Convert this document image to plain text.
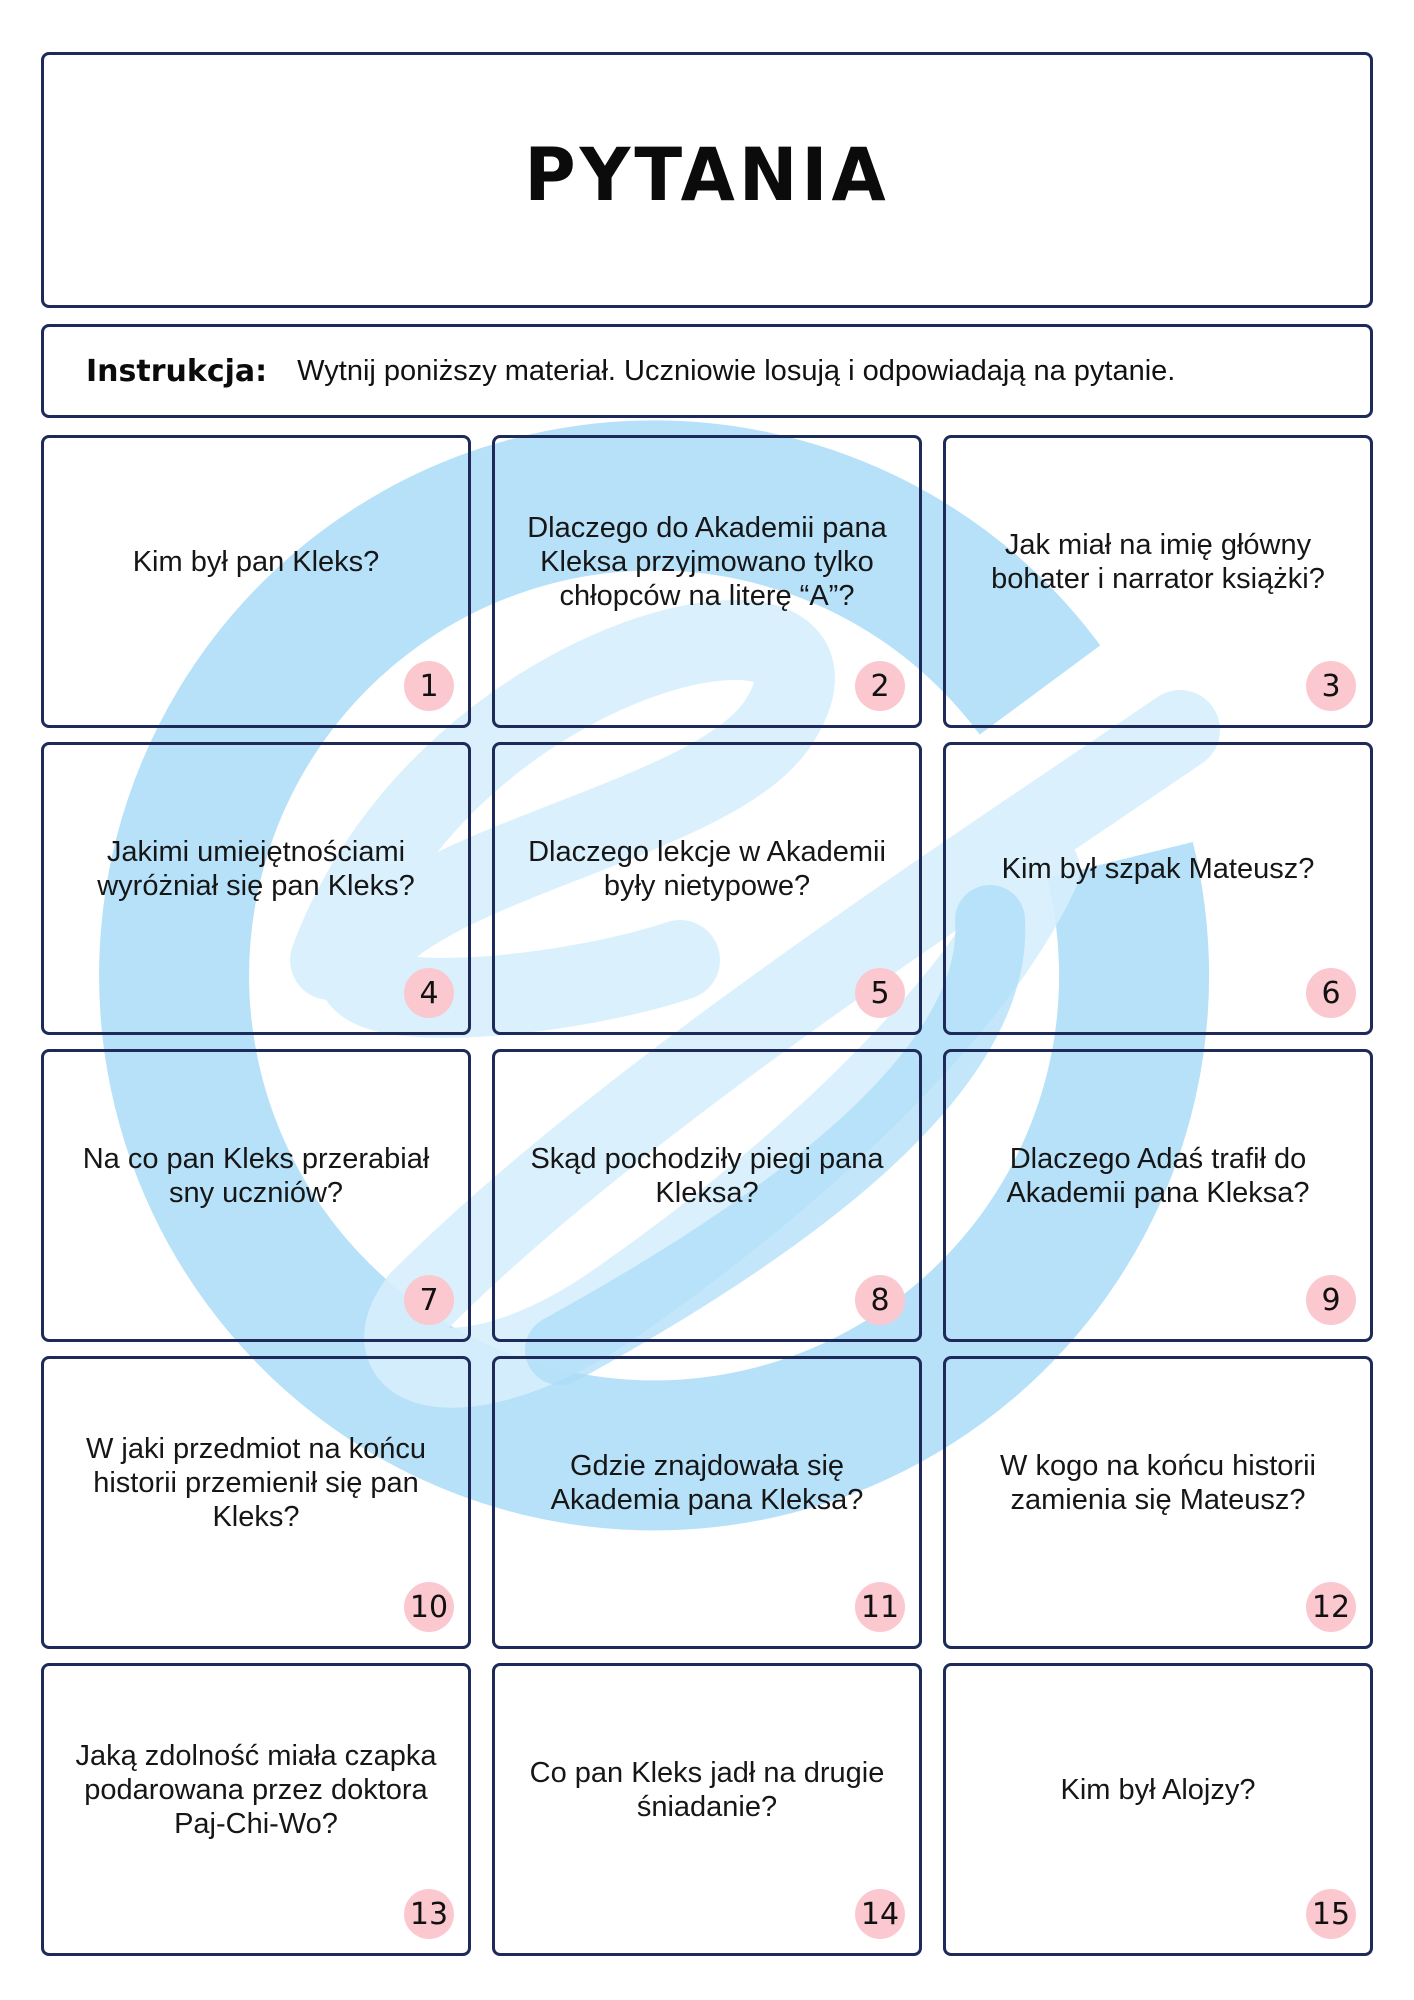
PYTANIA
Instrukcja: Wytnij poniższy materiał. Uczniowie losują i odpowiadają na pytanie.
Kim był pan Kleks?
1
Dlaczego do Akademii pana Kleksa przyjmowano tylko chłopców na literę “A”?
2
Jak miał na imię główny bohater i narrator książki?
3
Jakimi umiejętnościami wyróżniał się pan Kleks?
4
Dlaczego lekcje w Akademii były nietypowe?
5
Kim był szpak Mateusz?
6
Na co pan Kleks przerabiał sny uczniów?
7
Skąd pochodziły piegi pana Kleksa?
8
Dlaczego Adaś trafił do Akademii pana Kleksa?
9
W jaki przedmiot na końcu historii przemienił się pan Kleks?
10
Gdzie znajdowała się Akademia pana Kleksa?
11
W kogo na końcu historii zamienia się Mateusz?
12
Jaką zdolność miała czapka podarowana przez doktora Paj-Chi-Wo?
13
Co pan Kleks jadł na drugie śniadanie?
14
Kim był Alojzy?
15
